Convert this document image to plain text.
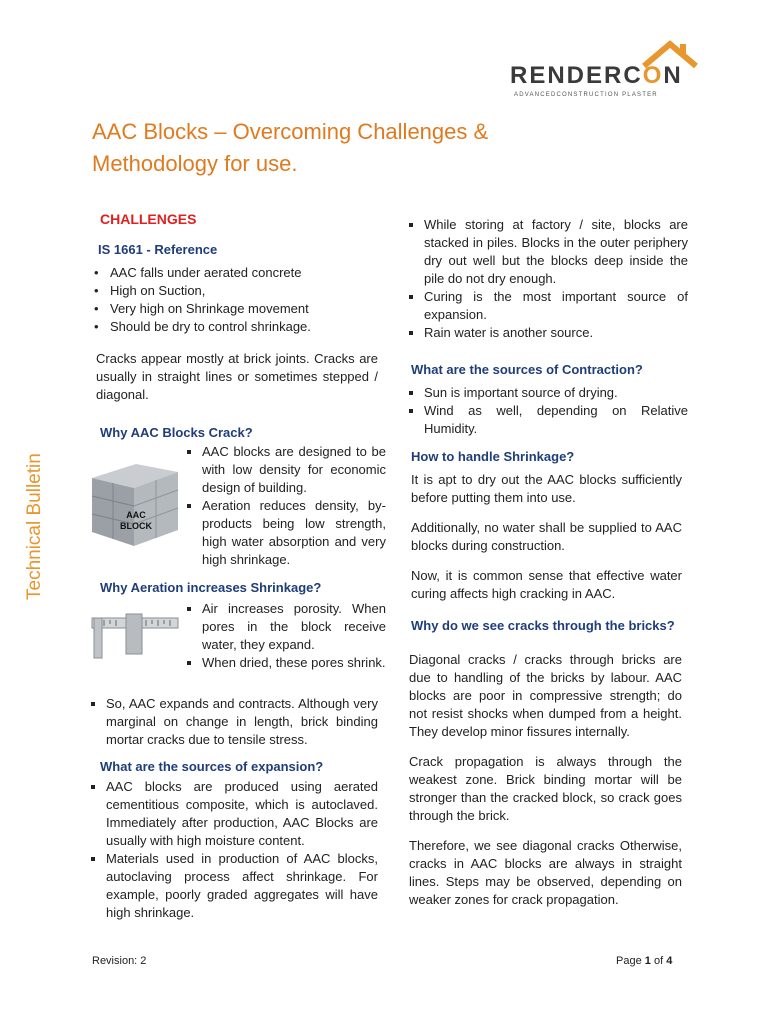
RENDERCON
ADVANCEDCONSTRUCTION PLASTER
AAC Blocks – Overcoming Challenges & Methodology for use.
Technical Bulletin
CHALLENGES
IS 1661 - Reference
• AAC falls under aerated concrete
• High on Suction,
• Very high on Shrinkage movement
• Should be dry to control shrinkage.
Cracks appear mostly at brick joints. Cracks are usually in straight lines or sometimes stepped / diagonal.
Why AAC Blocks Crack?
AAC
BLOCK
AAC blocks are designed to be with low density for economic design of building.
Aeration reduces density, by-products being low strength, high water absorption and very high shrinkage.
Why Aeration increases Shrinkage?
Air increases porosity. When pores in the block receive water, they expand.
When dried, these pores shrink.
So, AAC expands and contracts. Although very marginal on change in length, brick binding mortar cracks due to tensile stress.
What are the sources of expansion?
AAC blocks are produced using aerated cementitious composite, which is autoclaved. Immediately after production, AAC Blocks are usually with high moisture content.
Materials used in production of AAC blocks, autoclaving process affect shrinkage. For example, poorly graded aggregates will have high shrinkage.
While storing at factory / site, blocks are stacked in piles. Blocks in the outer periphery dry out well but the blocks deep inside the pile do not dry enough.
Curing is the most important source of expansion.
Rain water is another source.
What are the sources of Contraction?
Sun is important source of drying.
Wind as well, depending on Relative Humidity.
How to handle Shrinkage?
It is apt to dry out the AAC blocks sufficiently before putting them into use.
Additionally, no water shall be supplied to AAC blocks during construction.
Now, it is common sense that effective water curing affects high cracking in AAC.
Why do we see cracks through the bricks?
Diagonal cracks / cracks through bricks are due to handling of the bricks by labour. AAC blocks are poor in compressive strength; do not resist shocks when dumped from a height. They develop minor fissures internally.
Crack propagation is always through the weakest zone. Brick binding mortar will be stronger than the cracked block, so crack goes through the brick.
Therefore, we see diagonal cracks Otherwise, cracks in AAC blocks are always in straight lines. Steps may be observed, depending on weaker zones for crack propagation.
Revision: 2	Page 1 of 4
